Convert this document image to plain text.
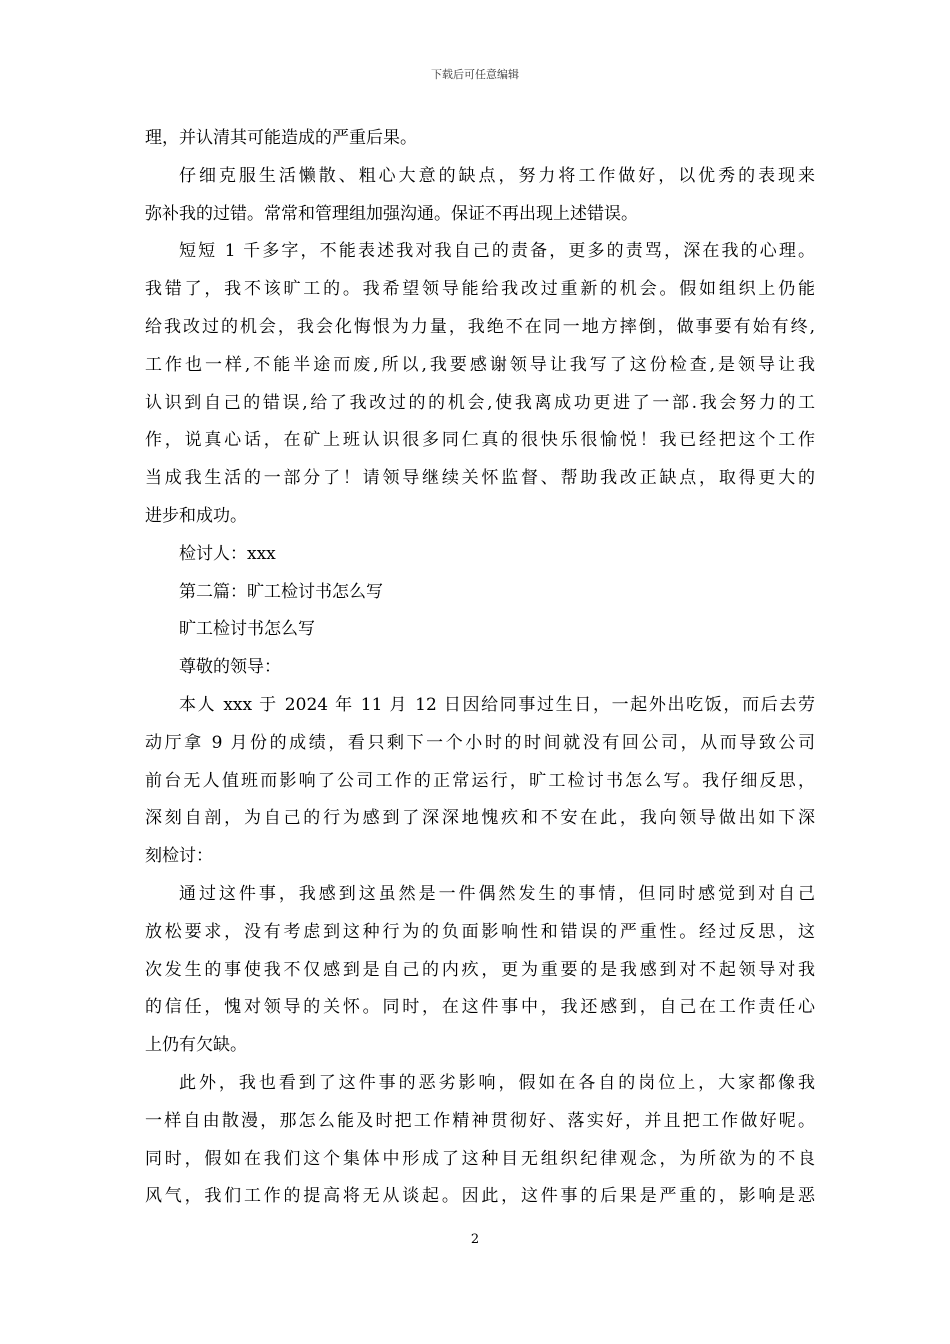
下载后可任意编辑
理，并认清其可能造成的严重后果。
仔细克服生活懒散、粗心大意的缺点，努力将工作做好，以优秀的表现来
弥补我的过错。常常和管理组加强沟通。保证不再出现上述错误。
短短 1 千多字，不能表述我对我自己的责备，更多的责骂，深在我的心理。
我错了，我不该旷工的。我希望领导能给我改过重新的机会。假如组织上仍能
给我改过的机会，我会化悔恨为力量，我绝不在同一地方摔倒，做事要有始有终,
工作也一样,不能半途而废,所以,我要感谢领导让我写了这份检查,是领导让我
认识到自己的错误,给了我改过的的机会,使我离成功更进了一部.我会努力的工
作，说真心话，在矿上班认识很多同仁真的很快乐很愉悦！我已经把这个工作
当成我生活的一部分了！请领导继续关怀监督、帮助我改正缺点，取得更大的
进步和成功。
检讨人：xxx
第二篇：旷工检讨书怎么写
旷工检讨书怎么写
尊敬的领导：
本人 xxx 于 2024 年 11 月 12 日因给同事过生日，一起外出吃饭，而后去劳
动厅拿 9 月份的成绩，看只剩下一个小时的时间就没有回公司，从而导致公司
前台无人值班而影响了公司工作的正常运行，旷工检讨书怎么写。我仔细反思，
深刻自剖，为自己的行为感到了深深地愧疚和不安在此，我向领导做出如下深
刻检讨：
通过这件事，我感到这虽然是一件偶然发生的事情，但同时感觉到对自己
放松要求，没有考虑到这种行为的负面影响性和错误的严重性。经过反思，这
次发生的事使我不仅感到是自己的内疚，更为重要的是我感到对不起领导对我
的信任，愧对领导的关怀。同时，在这件事中，我还感到，自己在工作责任心
上仍有欠缺。
此外，我也看到了这件事的恶劣影响，假如在各自的岗位上，大家都像我
一样自由散漫，那怎么能及时把工作精神贯彻好、落实好，并且把工作做好呢。
同时，假如在我们这个集体中形成了这种目无组织纪律观念，为所欲为的不良
风气，我们工作的提高将无从谈起。因此，这件事的后果是严重的，影响是恶
2
